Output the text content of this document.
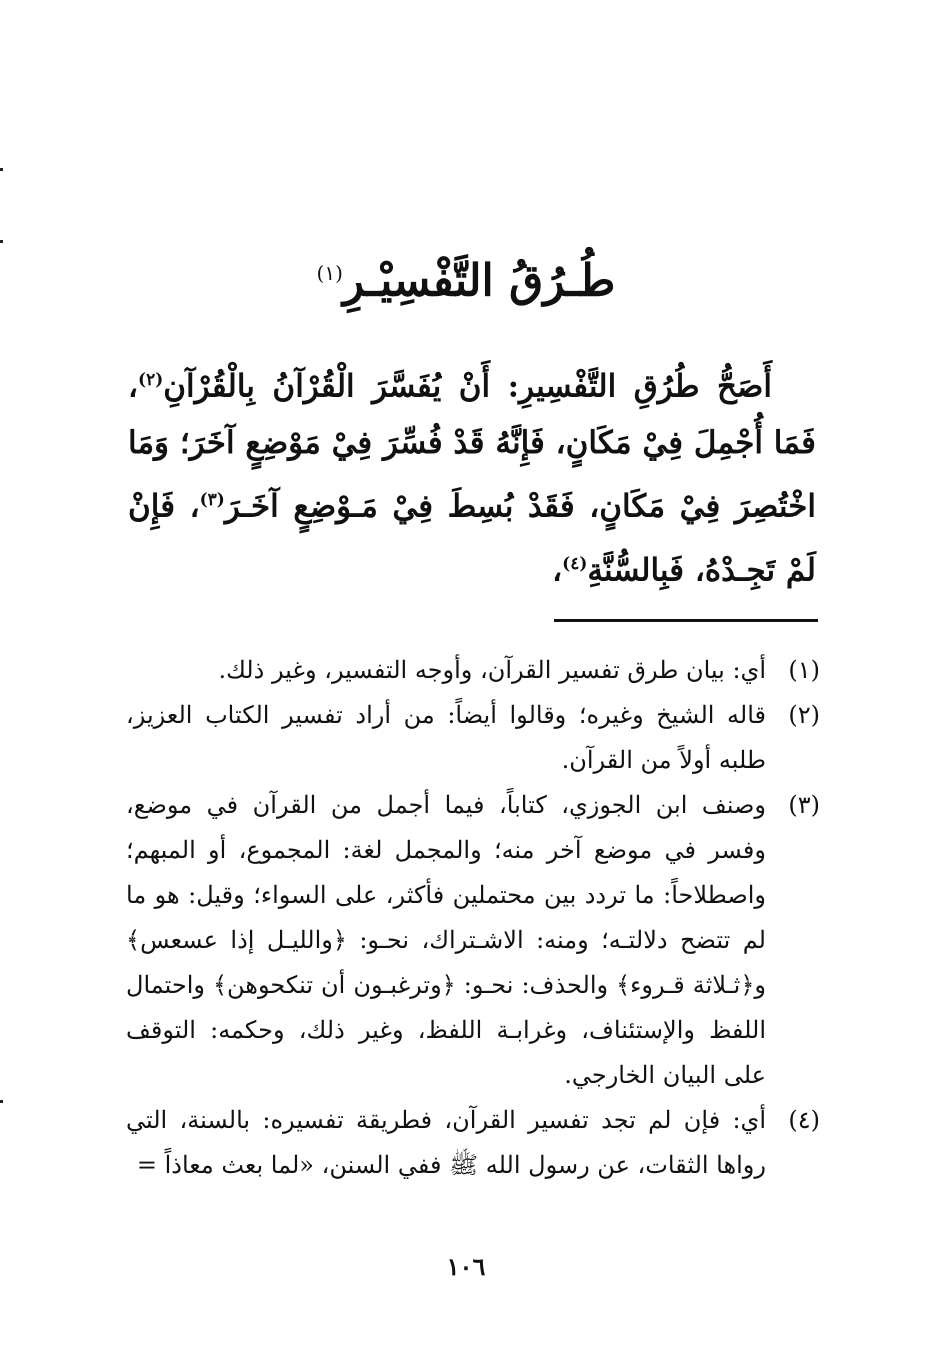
طُـرُقُ التَّفْسِيْـرِ$^{(١)}$

أَصَحُّ طُرُقِ التَّفْسِيرِ: أَنْ يُفَسَّرَ الْقُرْآنُ بِالْقُرْآنِ$^{(٢)}$، فَمَا أُجْمِلَ فِيْ مَكَانٍ، فَإِنَّهُ قَدْ فُسِّرَ فِيْ مَوْضِعٍ آخَرَ؛ وَمَا اخْتُصِرَ فِيْ مَكَانٍ، فَقَدْ بُسِطَ فِيْ مَـوْضِعٍ آخَـرَ$^{(٣)}$، فَإِنْ لَمْ تَجِـدْهُ، فَبِالسُّنَّةِ$^{(٤)}$،

(١)
أي: بيان طرق تفسير القرآن، وأوجه التفسير، وغير ذلك.
(٢)
قاله الشيخ وغيره؛ وقالوا أيضاً: من أراد تفسير الكتاب العزيز، طلبه أولاً من القرآن.
(٣)
وصنف ابن الجوزي، كتاباً، فيما أجمل من القرآن في موضع، وفسر في موضع آخر منه؛ والمجمل لغة: المجموع، أو المبهم؛ واصطلاحاً: ما تردد بين محتملين فأكثر، على السواء؛ وقيل: هو ما لم تتضح دلالتـه؛ ومنه: الاشـتراك، نحـو: ﴿والليـل إذا عسعس﴾ و﴿ثـلاثة قـروء﴾ والحذف: نحـو: ﴿وترغبـون أن تنكحوهن﴾ واحتمال اللفظ والإستئناف، وغرابـة اللفظ، وغير ذلك، وحكمه: التوقف على البيان الخارجي.
(٤)
أي: فإن لم تجد تفسير القرآن، فطريقة تفسيره: بالسنة، التي رواها الثقات، عن رسول الله ﷺ ففي السنن، «لما بعث معاذاً =
١٠٦
